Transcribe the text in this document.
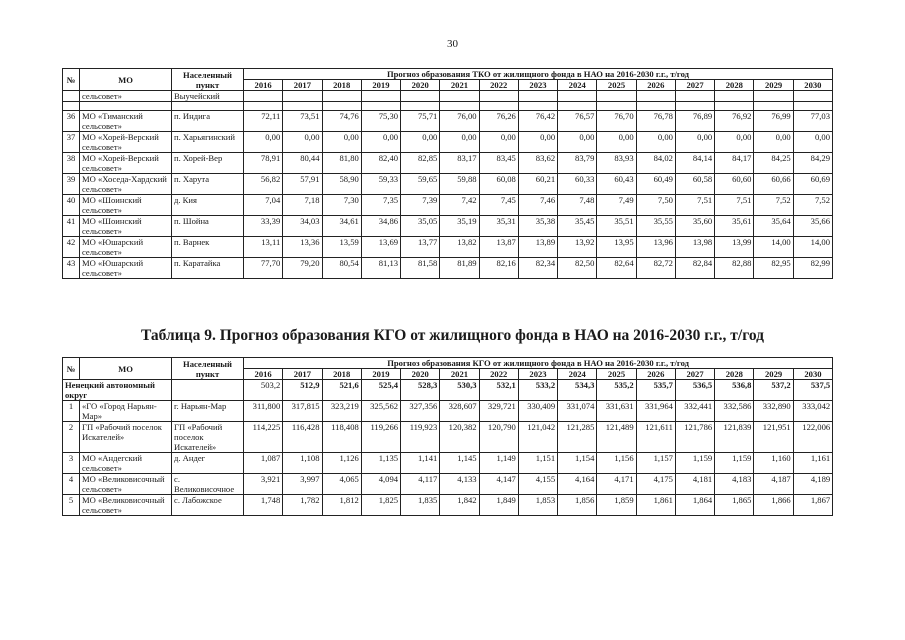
30
№	МО	Населенный пункт	Прогноз образования ТКО от жилищного фонда в НАО на 2016-2030 г.г., т/год														
			2016	2017	2018	2019	2020	2021	2022	2023	2024	2025	2026	2027	2028	2029	2030
	сельсовет»	Выучейский															

36	МО «Тиманский сельсовет»	п. Индига	72,11	73,51	74,76	75,30	75,71	76,00	76,26	76,42	76,57	76,70	76,78	76,89	76,92	76,99	77,03
37	МО «Хорей-Верский сельсовет»	п. Харьягинский	0,00	0,00	0,00	0,00	0,00	0,00	0,00	0,00	0,00	0,00	0,00	0,00	0,00	0,00	0,00
38	МО «Хорей-Верский сельсовет»	п. Хорей-Вер	78,91	80,44	81,80	82,40	82,85	83,17	83,45	83,62	83,79	83,93	84,02	84,14	84,17	84,25	84,29
39	МО «Хоседа-Хардский сельсовет»	п. Харута	56,82	57,91	58,90	59,33	59,65	59,88	60,08	60,21	60,33	60,43	60,49	60,58	60,60	60,66	60,69
40	МО «Шоинский сельсовет»	д. Кия	7,04	7,18	7,30	7,35	7,39	7,42	7,45	7,46	7,48	7,49	7,50	7,51	7,51	7,52	7,52
41	МО «Шоинский сельсовет»	п. Шойна	33,39	34,03	34,61	34,86	35,05	35,19	35,31	35,38	35,45	35,51	35,55	35,60	35,61	35,64	35,66
42	МО «Юшарский сельсовет»	п. Варнек	13,11	13,36	13,59	13,69	13,77	13,82	13,87	13,89	13,92	13,95	13,96	13,98	13,99	14,00	14,00
43	МО «Юшарский сельсовет»	п. Каратайка	77,70	79,20	80,54	81,13	81,58	81,89	82,16	82,34	82,50	82,64	82,72	82,84	82,88	82,95	82,99
Таблица 9. Прогноз образования КГО от жилищного фонда в НАО на 2016-2030 г.г., т/год
№	МО	Населенный пункт	Прогноз образования КГО от жилищного фонда в НАО на 2016-2030 г.г., т/год														
			2016	2017	2018	2019	2020	2021	2022	2023	2024	2025	2026	2027	2028	2029	2030
Ненецкий автономный округ			503,2	512,9	521,6	525,4	528,3	530,3	532,1	533,2	534,3	535,2	535,7	536,5	536,8	537,2	537,5
1	«ГО «Город Нарьян-Мар»	г. Нарьян-Мар	311,800	317,815	323,219	325,562	327,356	328,607	329,721	330,409	331,074	331,631	331,964	332,441	332,586	332,890	333,042
2	ГП «Рабочий поселок Искателей»	ГП «Рабочий поселок Искателей»	114,225	116,428	118,408	119,266	119,923	120,382	120,790	121,042	121,285	121,489	121,611	121,786	121,839	121,951	122,006
3	МО «Андегский сельсовет»	д. Андег	1,087	1,108	1,126	1,135	1,141	1,145	1,149	1,151	1,154	1,156	1,157	1,159	1,159	1,160	1,161
4	МО «Великовисочный сельсовет»	с. Великовисочное	3,921	3,997	4,065	4,094	4,117	4,133	4,147	4,155	4,164	4,171	4,175	4,181	4,183	4,187	4,189
5	МО «Великовисочный сельсовет»	с. Лабожское	1,748	1,782	1,812	1,825	1,835	1,842	1,849	1,853	1,856	1,859	1,861	1,864	1,865	1,866	1,867
